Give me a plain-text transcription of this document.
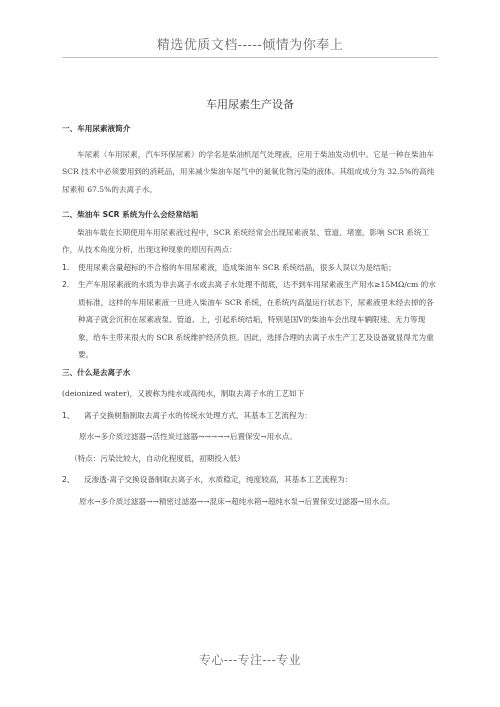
精选优质文档-----倾情为你奉上
车用尿素生产设备
一、车用尿素液简介
车尿素（车用尿素，汽车环保尿素）的学名是柴油机尾气处理液，应用于柴油发动机中。它是一种在柴油车 SCR 技术中必须要用到的消耗品，用来减少柴油车尾气中的氮氧化物污染的液体。其组成成分为 32.5%的高纯尿素和 67.5%的去离子水。
二、柴油车 SCR 系统为什么会经常结垢
柴油车载在长期使用车用尿素液过程中，SCR 系统经常会出现尿素液泵、管道、堵塞，影响 SCR 系统工作，从技术角度分析，出现这种现象的原因有两点：
1.	使用尿素含量超标的不合格的车用尿素液，造成柴油车 SCR 系统结晶，很多人误以为是结垢；
2.	生产车用尿素液的水质为非去离子水或去离子水处理不彻底，达不到车用尿素液生产用水≥15MΩ/cm 的水质标准，这样的车用尿素液一旦进入柴油车 SCR 系统，在系统内高温运行状态下，尿素液里未经去掉的各种离子就会沉积在尿素液泵、管道、上，引起系统结垢，特别是国Ⅴ的柴油车会出现车辆限速、无力等现象，给车主带来很大的 SCR 系统维护经济负担。因此，选择合理的去离子水生产工艺及设备就显得尤为重要。
三、什么是去离子水
(deionized water)，又被称为纯水或高纯水，制取去离子水的工艺如下
1、	离子交换树脂制取去离子水的传统水处理方式，其基本工艺流程为：
原水→多介质过滤器→活性炭过滤器→→→→→后置保安→用水点。
（特点：污染比较大，自动化程度低，初期投入低）
2、	反渗透-离子交换设备制取去离子水，水质稳定，纯度较高，其基本工艺流程为：
原水→多介质过滤器→→精密过滤器→→混床→超纯水箱→超纯水泵→后置保安过滤器→用水点。
专心---专注---专业
